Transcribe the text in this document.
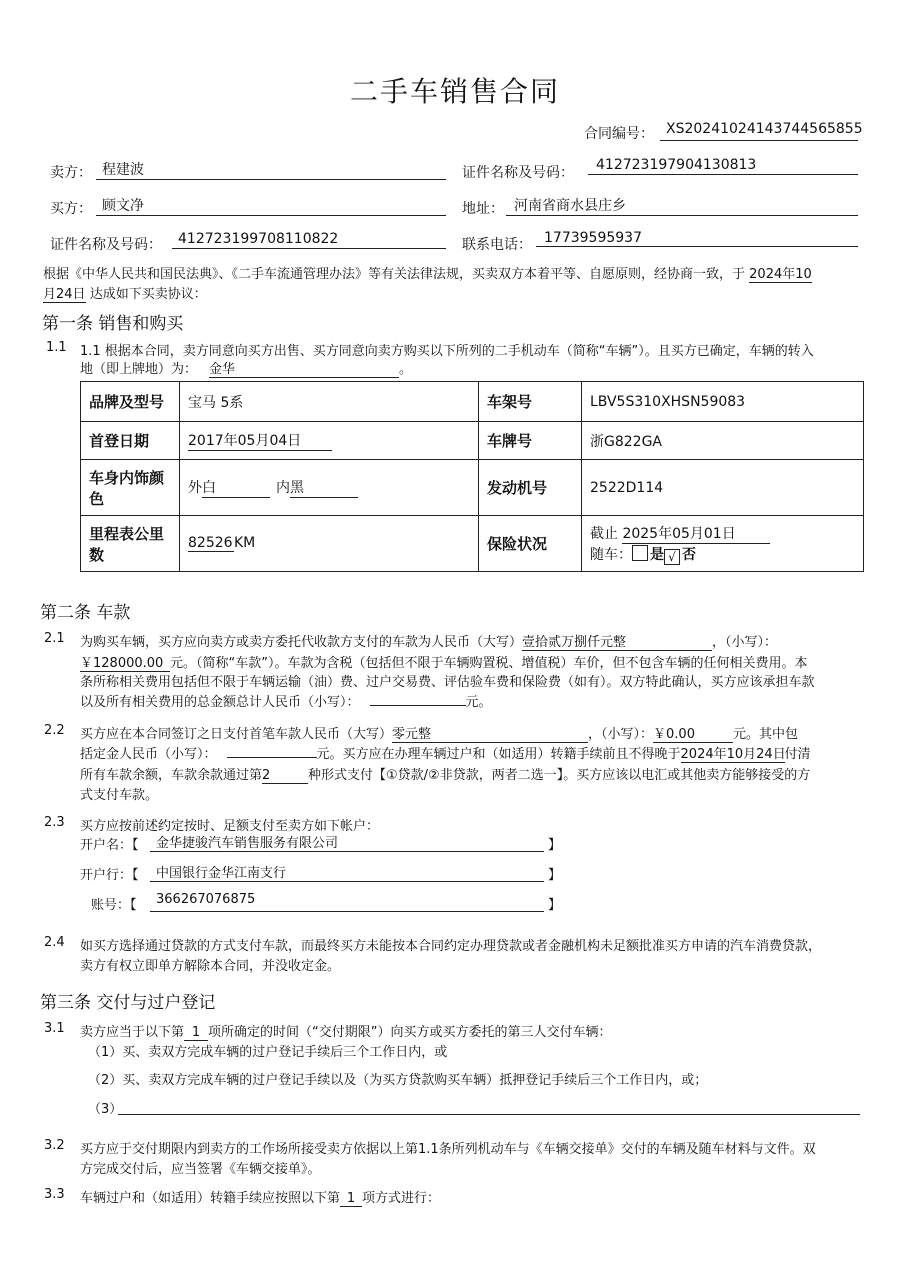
二手车销售合同
合同编号： XS20241024143744565855
卖方： 程建波	证件名称及号码： 412723197904130813
买方： 顾文净	地址： 河南省商水县庄乡
证件名称及号码： 412723199708110822	联系电话： 17739595937
根据《中华人民共和国民法典》、《二手车流通管理办法》等有关法律法规，买卖双方本着平等、自愿原则，经协商一致，于 2024年10
月24日 达成如下买卖协议：
第一条 销售和购买
1.1 1.1 根据本合同，卖方同意向买方出售、买方同意向卖方购买以下所列的二手机动车（简称“车辆”）。且买方已确定，车辆的转入
地（即上牌地）为： 金华	。
品牌及型号	宝马 5系	车架号	LBV5S310XHSN59083
首登日期	2017年05月04日	车牌号	浙G822GA
车身内饰颜色	外白 内黑	发动机号	2522D114
里程表公里数	82526KM	保险状况	截止 2025年05月01日
随车： 是 √ 否
第二条 车款
2.1 为购买车辆，买方应向卖方或卖方委托代收款方支付的车款为人民币（大写）壹拾贰万捌仟元整	，（小写）：
￥128000.00 元。（简称“车款”）。车款为含税（包括但不限于车辆购置税、增值税）车价，但不包含车辆的任何相关费用。本
条所称相关费用包括但不限于车辆运输（油）费、过户交易费、评估验车费和保险费（如有）。双方特此确认，买方应该承担车款
以及所有相关费用的总金额总计人民币（小写）：	元。
2.2 买方应在本合同签订之日支付首笔车款人民币（大写）零元整	，（小写）：￥0.00	元。其中包
括定金人民币（小写）：	元。买方应在办理车辆过户和（如适用）转籍手续前且不得晚于2024年10月24日付清
所有车款余额，车款余款通过第2	种形式支付【①贷款/②非贷款，两者二选一】。买方应该以电汇或其他卖方能够接受的方
式支付车款。
2.3 买方应按前述约定按时、足额支付至卖方如下帐户：
开户名：【 金华捷骏汽车销售服务有限公司	】
开户行：【 中国银行金华江南支行	】
账号：【 366267076875	】
2.4 如买方选择通过贷款的方式支付车款，而最终买方未能按本合同约定办理贷款或者金融机构未足额批准买方申请的汽车消费贷款，
卖方有权立即单方解除本合同，并没收定金。
第三条 交付与过户登记
3.1 卖方应当于以下第 1 项所确定的时间（“交付期限”）向买方或买方委托的第三人交付车辆：
（1）买、卖双方完成车辆的过户登记手续后三个工作日内，或
（2）买、卖双方完成车辆的过户登记手续以及（为买方贷款购买车辆）抵押登记手续后三个工作日内，或；
（3）
3.2 买方应于交付期限内到卖方的工作场所接受卖方依据以上第1.1条所列机动车与《车辆交接单》交付的车辆及随车材料与文件。双
方完成交付后，应当签署《车辆交接单》。
3.3 车辆过户和（如适用）转籍手续应按照以下第 1 项方式进行：
